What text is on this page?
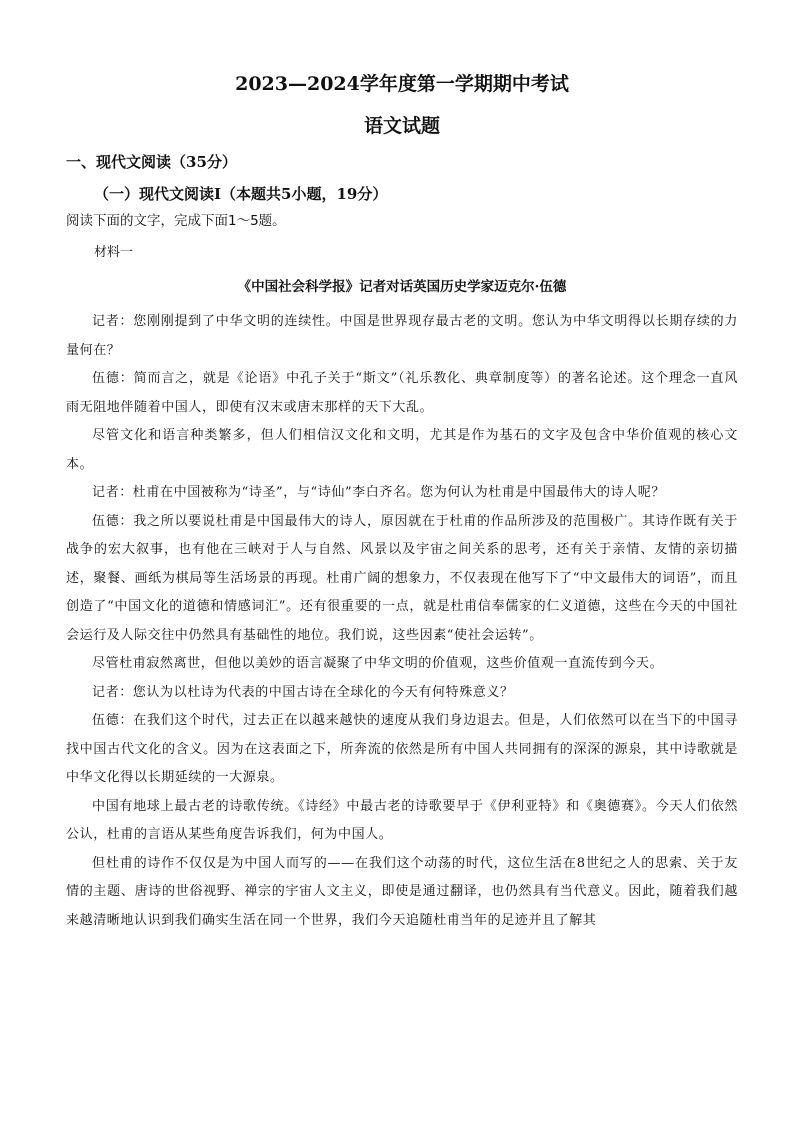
2023—2024学年度第一学期期中考试
语文试题
一、现代文阅读（35分）
（一）现代文阅读Ⅰ（本题共5小题，19分）
阅读下面的文字，完成下面1～5题。
材料一
《中国社会科学报》记者对话英国历史学家迈克尔·伍德

记者：您刚刚提到了中华文明的连续性。中国是世界现存最古老的文明。您认为中华文明得以长期存续的力量何在？

伍德：简而言之，就是《论语》中孔子关于“斯文”（礼乐教化、典章制度等）的著名论述。这个理念一直风雨无阻地伴随着中国人，即使有汉末或唐末那样的天下大乱。

尽管文化和语言种类繁多，但人们相信汉文化和文明，尤其是作为基石的文字及包含中华价值观的核心文本。

记者：杜甫在中国被称为“诗圣”，与“诗仙”李白齐名。您为何认为杜甫是中国最伟大的诗人呢？

伍德：我之所以要说杜甫是中国最伟大的诗人，原因就在于杜甫的作品所涉及的范围极广。其诗作既有关于战争的宏大叙事，也有他在三峡对于人与自然、风景以及宇宙之间关系的思考，还有关于亲情、友情的亲切描述，聚餐、画纸为棋局等生活场景的再现。杜甫广阔的想象力，不仅表现在他写下了“中文最伟大的词语”，而且创造了“中国文化的道德和情感词汇”。还有很重要的一点，就是杜甫信奉儒家的仁义道德，这些在今天的中国社会运行及人际交往中仍然具有基础性的地位。我们说，这些因素“使社会运转”。

尽管杜甫寂然离世，但他以美妙的语言凝聚了中华文明的价值观，这些价值观一直流传到今天。

记者：您认为以杜诗为代表的中国古诗在全球化的今天有何特殊意义？

伍德：在我们这个时代，过去正在以越来越快的速度从我们身边退去。但是，人们依然可以在当下的中国寻找中国古代文化的含义。因为在这表面之下，所奔流的依然是所有中国人共同拥有的深深的源泉，其中诗歌就是中华文化得以长期延续的一大源泉。

中国有地球上最古老的诗歌传统。《诗经》中最古老的诗歌要早于《伊利亚特》和《奥德赛》。今天人们依然公认，杜甫的言语从某些角度告诉我们，何为中国人。

但杜甫的诗作不仅仅是为中国人而写的——在我们这个动荡的时代，这位生活在8世纪之人的思索、关于友情的主题、唐诗的世俗视野、禅宗的宇宙人文主义，即使是通过翻译，也仍然具有当代意义。因此，随着我们越来越清晰地认识到我们确实生活在同一个世界，我们今天追随杜甫当年的足迹并且了解其
